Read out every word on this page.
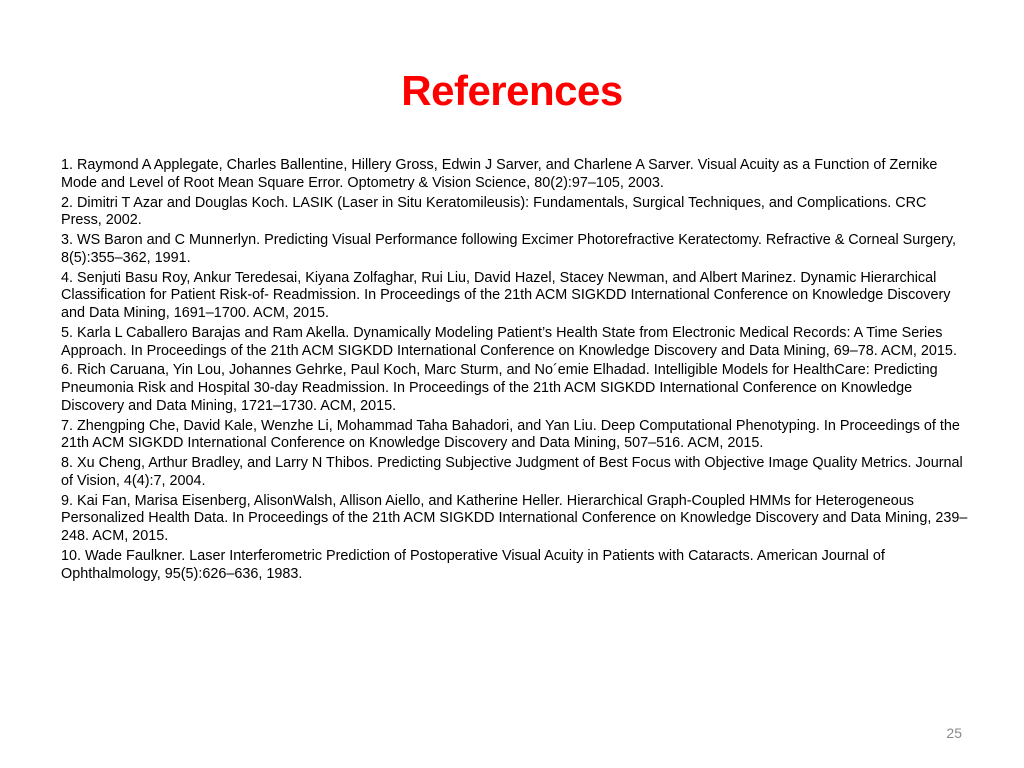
References
1. Raymond A Applegate, Charles Ballentine, Hillery Gross, Edwin J Sarver, and Charlene A Sarver. Visual Acuity as a Function of Zernike Mode and Level of Root Mean Square Error. Optometry & Vision Science, 80(2):97–105, 2003.
2. Dimitri T Azar and Douglas Koch. LASIK (Laser in Situ Keratomileusis): Fundamentals, Surgical Techniques, and Complications. CRC Press, 2002.
3. WS Baron and C Munnerlyn. Predicting Visual Performance following Excimer Photorefractive Keratectomy. Refractive & Corneal Surgery, 8(5):355–362, 1991.
4. Senjuti Basu Roy, Ankur Teredesai, Kiyana Zolfaghar, Rui Liu, David Hazel, Stacey Newman, and Albert Marinez. Dynamic Hierarchical Classification for Patient Risk-of- Readmission. In Proceedings of the 21th ACM SIGKDD International Conference on Knowledge Discovery and Data Mining, 1691–1700. ACM, 2015.
5. Karla L Caballero Barajas and Ram Akella. Dynamically Modeling Patient’s Health State from Electronic Medical Records: A Time Series Approach. In Proceedings of the 21th ACM SIGKDD International Conference on Knowledge Discovery and Data Mining, 69–78. ACM, 2015.
6. Rich Caruana, Yin Lou, Johannes Gehrke, Paul Koch, Marc Sturm, and No´emie Elhadad. Intelligible Models for HealthCare: Predicting Pneumonia Risk and Hospital 30-day Readmission. In Proceedings of the 21th ACM SIGKDD International Conference on Knowledge Discovery and Data Mining, 1721–1730. ACM, 2015.
7. Zhengping Che, David Kale, Wenzhe Li, Mohammad Taha Bahadori, and Yan Liu. Deep Computational Phenotyping. In Proceedings of the 21th ACM SIGKDD International Conference on Knowledge Discovery and Data Mining, 507–516. ACM, 2015.
8. Xu Cheng, Arthur Bradley, and Larry N Thibos. Predicting Subjective Judgment of Best Focus with Objective Image Quality Metrics. Journal of Vision, 4(4):7, 2004.
9. Kai Fan, Marisa Eisenberg, AlisonWalsh, Allison Aiello, and Katherine Heller. Hierarchical Graph-Coupled HMMs for Heterogeneous Personalized Health Data. In Proceedings of the 21th ACM SIGKDD International Conference on Knowledge Discovery and Data Mining, 239–248. ACM, 2015.
10. Wade Faulkner. Laser Interferometric Prediction of Postoperative Visual Acuity in Patients with Cataracts. American Journal of Ophthalmology, 95(5):626–636, 1983.
25
